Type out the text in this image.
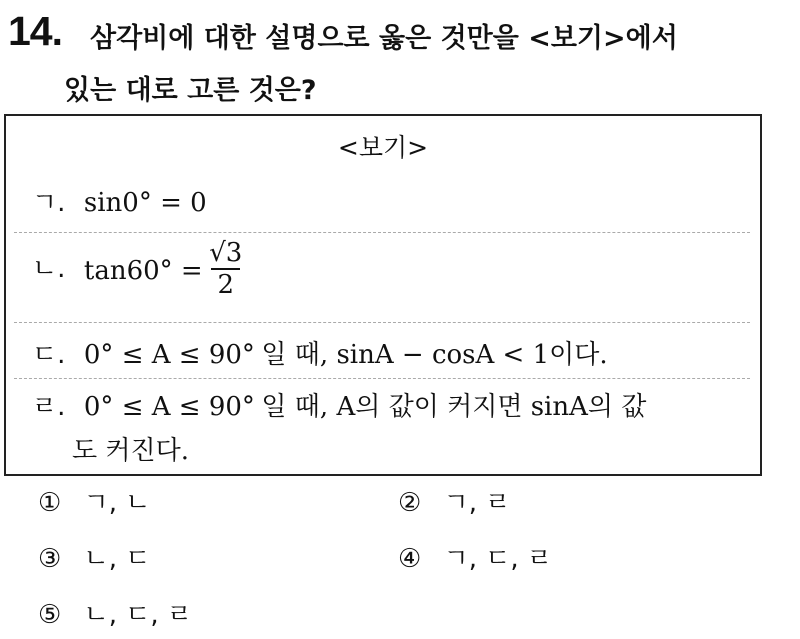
14. 삼각비에 대한 설명으로 옳은 것만을 <보기>에서
있는 대로 고른 것은?
<보기>
ㄱ. sin0° = 0
ㄴ. $\tan 60^\circ = \frac{√3}{2}$
ㄷ. 0° ≤ A ≤ 90° 일 때, sinA − cosA < 1이다.
ㄹ. 0° ≤ A ≤ 90° 일 때, A의 값이 커지면 sinA의 값
도 커진다.
① ㄱ, ㄴ	② ㄱ, ㄹ
③ ㄴ, ㄷ	④ ㄱ, ㄷ, ㄹ
⑤ ㄴ, ㄷ, ㄹ
